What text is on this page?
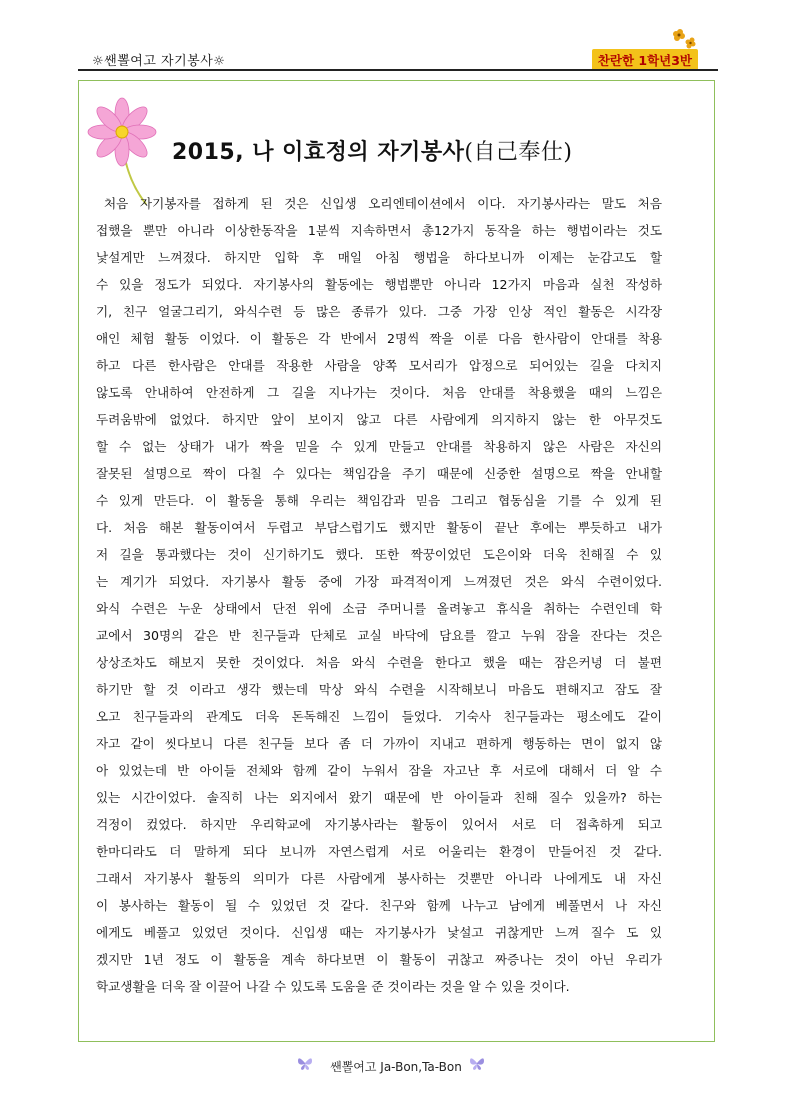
☼쌘뽈여고 자기봉사☼	찬란한 1학년3반
2015, 나 이효정의 자기봉사(自己奉仕)
처음 자기봉자를 접하게 된 것은 신입생 오리엔테이션에서 이다. 자기봉사라는 말도 처음
접했을 뿐만 아니라 이상한동작을 1분씩 지속하면서 총12가지 동작을 하는 행법이라는 것도
낯설게만 느껴졌다. 하지만 입학 후 매일 아침 행법을 하다보니까 이제는 눈감고도 할
수 있을 정도가 되었다. 자기봉사의 활동에는 행법뿐만 아니라 12가지 마음과 실천 작성하
기, 친구 얼굴그리기, 와식수련 등 많은 종류가 있다. 그중 가장 인상 적인 활동은 시각장
애인 체험 활동 이었다. 이 활동은 각 반에서 2명씩 짝을 이룬 다음 한사람이 안대를 착용
하고 다른 한사람은 안대를 작용한 사람을 양쪽 모서리가 압정으로 되어있는 길을 다치지
않도록 안내하여 안전하게 그 길을 지나가는 것이다. 처음 안대를 착용했을 때의 느낌은
두려움밖에 없었다. 하지만 앞이 보이지 않고 다른 사람에게 의지하지 않는 한 아무것도
할 수 없는 상태가 내가 짝을 믿을 수 있게 만들고 안대를 착용하지 않은 사람은 자신의
잘못된 설명으로 짝이 다칠 수 있다는 책임감을 주기 때문에 신중한 설명으로 짝을 안내할
수 있게 만든다. 이 활동을 통해 우리는 책임감과 믿음 그리고 협동심을 기를 수 있게 된
다. 처음 해본 활동이여서 두렵고 부담스럽기도 했지만 활동이 끝난 후에는 뿌듯하고 내가
저 길을 통과했다는 것이 신기하기도 했다. 또한 짝꿍이었던 도은이와 더욱 친해질 수 있
는 계기가 되었다. 자기봉사 활동 중에 가장 파격적이게 느껴졌던 것은 와식 수련이었다.
와식 수련은 누운 상태에서 단전 위에 소금 주머니를 올려놓고 휴식을 취하는 수련인데 학
교에서 30명의 같은 반 친구들과 단체로 교실 바닥에 담요를 깔고 누워 잠을 잔다는 것은
상상조차도 해보지 못한 것이었다. 처음 와식 수련을 한다고 했을 때는 잠은커녕 더 불편
하기만 할 것 이라고 생각 했는데 막상 와식 수련을 시작해보니 마음도 편해지고 잠도 잘
오고 친구들과의 관계도 더욱 돈독해진 느낌이 들었다. 기숙사 친구들과는 평소에도 같이
자고 같이 씻다보니 다른 친구들 보다 좀 더 가까이 지내고 편하게 행동하는 면이 없지 않
아 있었는데 반 아이들 전체와 함께 같이 누워서 잠을 자고난 후 서로에 대해서 더 알 수
있는 시간이었다. 솔직히 나는 외지에서 왔기 때문에 반 아이들과 친해 질수 있을까? 하는
걱정이 컸었다. 하지만 우리학교에 자기봉사라는 활동이 있어서 서로 더 접촉하게 되고
한마디라도 더 말하게 되다 보니까 자연스럽게 서로 어울리는 환경이 만들어진 것 같다.
그래서 자기봉사 활동의 의미가 다른 사람에게 봉사하는 것뿐만 아니라 나에게도 내 자신
이 봉사하는 활동이 될 수 있었던 것 같다. 친구와 함께 나누고 남에게 베풀면서 나 자신
에게도 베풀고 있었던 것이다. 신입생 때는 자기봉사가 낯설고 귀찮게만 느껴 질수 도 있
겠지만 1년 정도 이 활동을 계속 하다보면 이 활동이 귀찮고 짜증나는 것이 아닌 우리가
학교생활을 더욱 잘 이끌어 나갈 수 있도록 도움을 준 것이라는 것을 알 수 있을 것이다.
쌘뽈여고 Ja-Bon,Ta-Bon
